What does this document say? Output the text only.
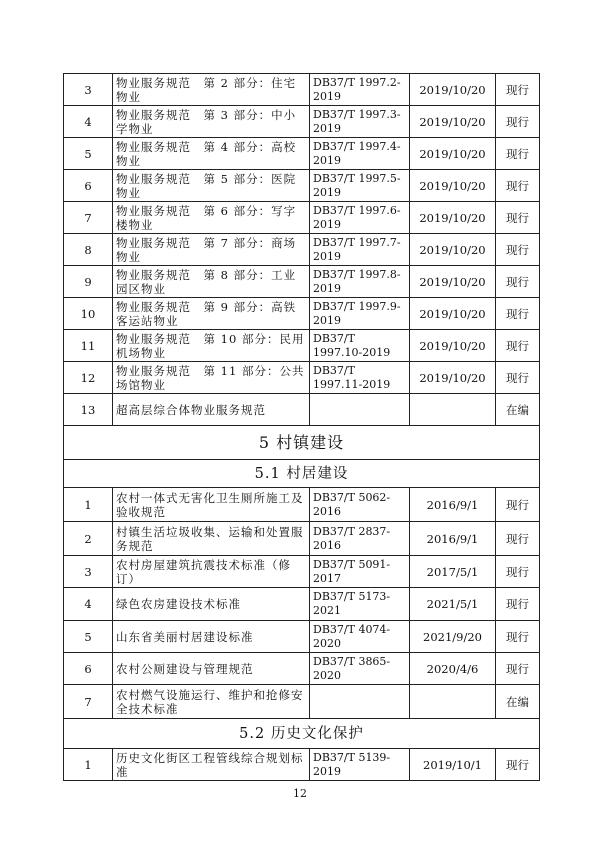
3	物业服务规范　第 2 部分：住宅物业	DB37/T 1997.2-2019	2019/10/20	现行
4	物业服务规范　第 3 部分：中小学物业	DB37/T 1997.3-2019	2019/10/20	现行
5	物业服务规范　第 4 部分：高校物业	DB37/T 1997.4-2019	2019/10/20	现行
6	物业服务规范　第 5 部分：医院物业	DB37/T 1997.5-2019	2019/10/20	现行
7	物业服务规范　第 6 部分：写字楼物业	DB37/T 1997.6-2019	2019/10/20	现行
8	物业服务规范　第 7 部分：商场物业	DB37/T 1997.7-2019	2019/10/20	现行
9	物业服务规范　第 8 部分：工业园区物业	DB37/T 1997.8-2019	2019/10/20	现行
10	物业服务规范　第 9 部分：高铁客运站物业	DB37/T 1997.9-2019	2019/10/20	现行
11	物业服务规范　第 10 部分：民用机场物业	DB37/T 1997.10-2019	2019/10/20	现行
12	物业服务规范　第 11 部分：公共场馆物业	DB37/T 1997.11-2019	2019/10/20	现行
13	超高层综合体物业服务规范			在编
5 村镇建设				
5.1 村居建设				
1	农村一体式无害化卫生厕所施工及验收规范	DB37/T 5062-2016	2016/9/1	现行
2	村镇生活垃圾收集、运输和处置服务规范	DB37/T 2837-2016	2016/9/1	现行
3	农村房屋建筑抗震技术标准（修订）	DB37/T 5091-2017	2017/5/1	现行
4	绿色农房建设技术标准	DB37/T 5173-2021	2021/5/1	现行
5	山东省美丽村居建设标准	DB37/T 4074-2020	2021/9/20	现行
6	农村公厕建设与管理规范	DB37/T 3865-2020	2020/4/6	现行
7	农村燃气设施运行、维护和抢修安全技术标准			在编
5.2 历史文化保护				
1	历史文化街区工程管线综合规划标准	DB37/T 5139-2019	2019/10/1	现行
12
